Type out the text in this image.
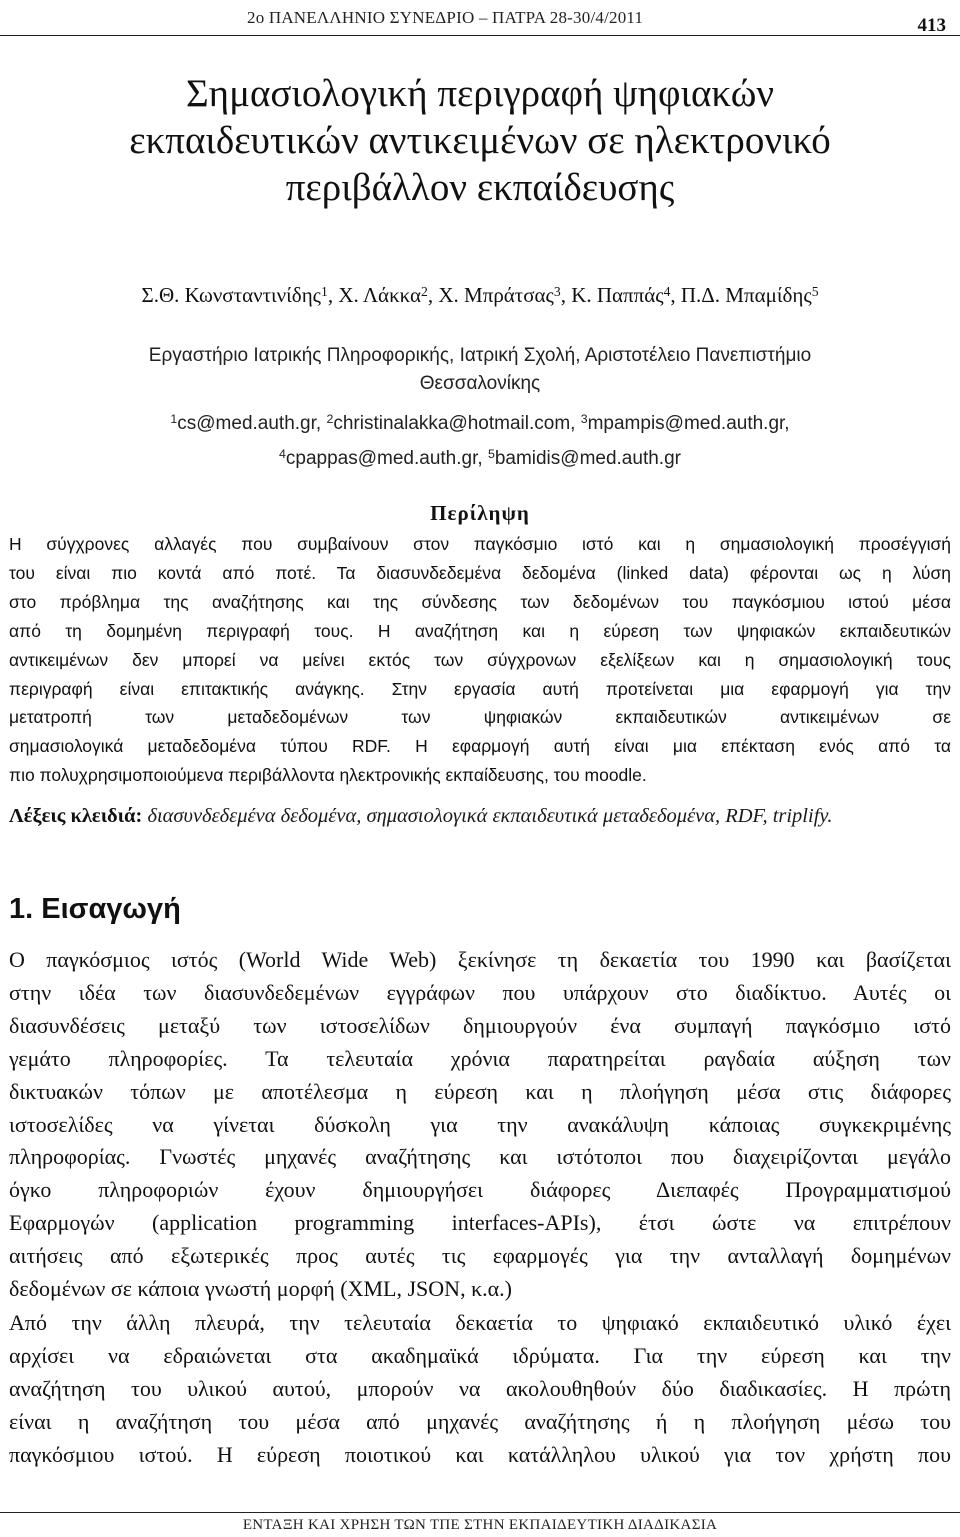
2ο ΠΑΝΕΛΛΗΝΙΟ ΣΥΝΕΔΡΙΟ – ΠΑΤΡΑ 28-30/4/2011	413
Σημασιολογική περιγραφή ψηφιακών
εκπαιδευτικών αντικειμένων σε ηλεκτρονικό
περιβάλλον εκπαίδευσης
Σ.Θ. Κωνσταντινίδης$^1$, Χ. Λάκκα$^2$, Χ. Μπράτσας$^3$, Κ. Παππάς$^4$, Π.Δ. Μπαμίδης$^5$
Εργαστήριο Ιατρικής Πληροφορικής, Ιατρική Σχολή, Αριστοτέλειο Πανεπιστήμιο
Θεσσαλονίκης
$^1$cs@med.auth.gr, $^2$christinalakka@hotmail.com, $^3$mpampis@med.auth.gr,
$^4$cpappas@med.auth.gr, $^5$bamidis@med.auth.gr
Περίληψη
Η σύγχρονες αλλαγές που συμβαίνουν στον παγκόσμιο ιστό και η σημασιολογική προσέγγισή
του είναι πιο κοντά από ποτέ. Τα διασυνδεδεμένα δεδομένα (linked data) φέρονται ως η λύση
στο πρόβλημα της αναζήτησης και της σύνδεσης των δεδομένων του παγκόσμιου ιστού μέσα
από τη δομημένη περιγραφή τους. Η αναζήτηση και η εύρεση των ψηφιακών εκπαιδευτικών
αντικειμένων δεν μπορεί να μείνει εκτός των σύγχρονων εξελίξεων και η σημασιολογική τους
περιγραφή είναι επιτακτικής ανάγκης. Στην εργασία αυτή προτείνεται μια εφαρμογή για την
μετατροπή των μεταδεδομένων των ψηφιακών εκπαιδευτικών αντικειμένων σε
σημασιολογικά μεταδεδομένα τύπου RDF. Η εφαρμογή αυτή είναι μια επέκταση ενός από τα
πιο πολυχρησιμοποιούμενα περιβάλλοντα ηλεκτρονικής εκπαίδευσης, του moodle.
Λέξεις κλειδιά: διασυνδεδεμένα δεδομένα, σημασιολογικά εκπαιδευτικά μεταδεδομένα, RDF, triplify.
1. Εισαγωγή
Ο παγκόσμιος ιστός (World Wide Web) ξεκίνησε τη δεκαετία του 1990 και βασίζεται
στην ιδέα των διασυνδεδεμένων εγγράφων που υπάρχουν στο διαδίκτυο. Αυτές οι
διασυνδέσεις μεταξύ των ιστοσελίδων δημιουργούν ένα συμπαγή παγκόσμιο ιστό
γεμάτο πληροφορίες. Τα τελευταία χρόνια παρατηρείται ραγδαία αύξηση των
δικτυακών τόπων με αποτέλεσμα η εύρεση και η πλοήγηση μέσα στις διάφορες
ιστοσελίδες να γίνεται δύσκολη για την ανακάλυψη κάποιας συγκεκριμένης
πληροφορίας. Γνωστές μηχανές αναζήτησης και ιστότοποι που διαχειρίζονται μεγάλο
όγκο πληροφοριών έχουν δημιουργήσει διάφορες Διεπαφές Προγραμματισμού
Εφαρμογών (application programming interfaces-APIs), έτσι ώστε να επιτρέπουν
αιτήσεις από εξωτερικές προς αυτές τις εφαρμογές για την ανταλλαγή δομημένων
δεδομένων σε κάποια γνωστή μορφή (XML, JSON, κ.α.)
Από την άλλη πλευρά, την τελευταία δεκαετία το ψηφιακό εκπαιδευτικό υλικό έχει
αρχίσει να εδραιώνεται στα ακαδημαϊκά ιδρύματα. Για την εύρεση και την
αναζήτηση του υλικού αυτού, μπορούν να ακολουθηθούν δύο διαδικασίες. Η πρώτη
είναι η αναζήτηση του μέσα από μηχανές αναζήτησης ή η πλοήγηση μέσω του
παγκόσμιου ιστού. Η εύρεση ποιοτικού και κατάλληλου υλικού για τον χρήστη που
ΕΝΤΑΞΗ ΚΑΙ ΧΡΗΣΗ ΤΩΝ ΤΠΕ ΣΤΗΝ ΕΚΠΑΙΔΕΥΤΙΚΗ ΔΙΑΔΙΚΑΣΙΑ
